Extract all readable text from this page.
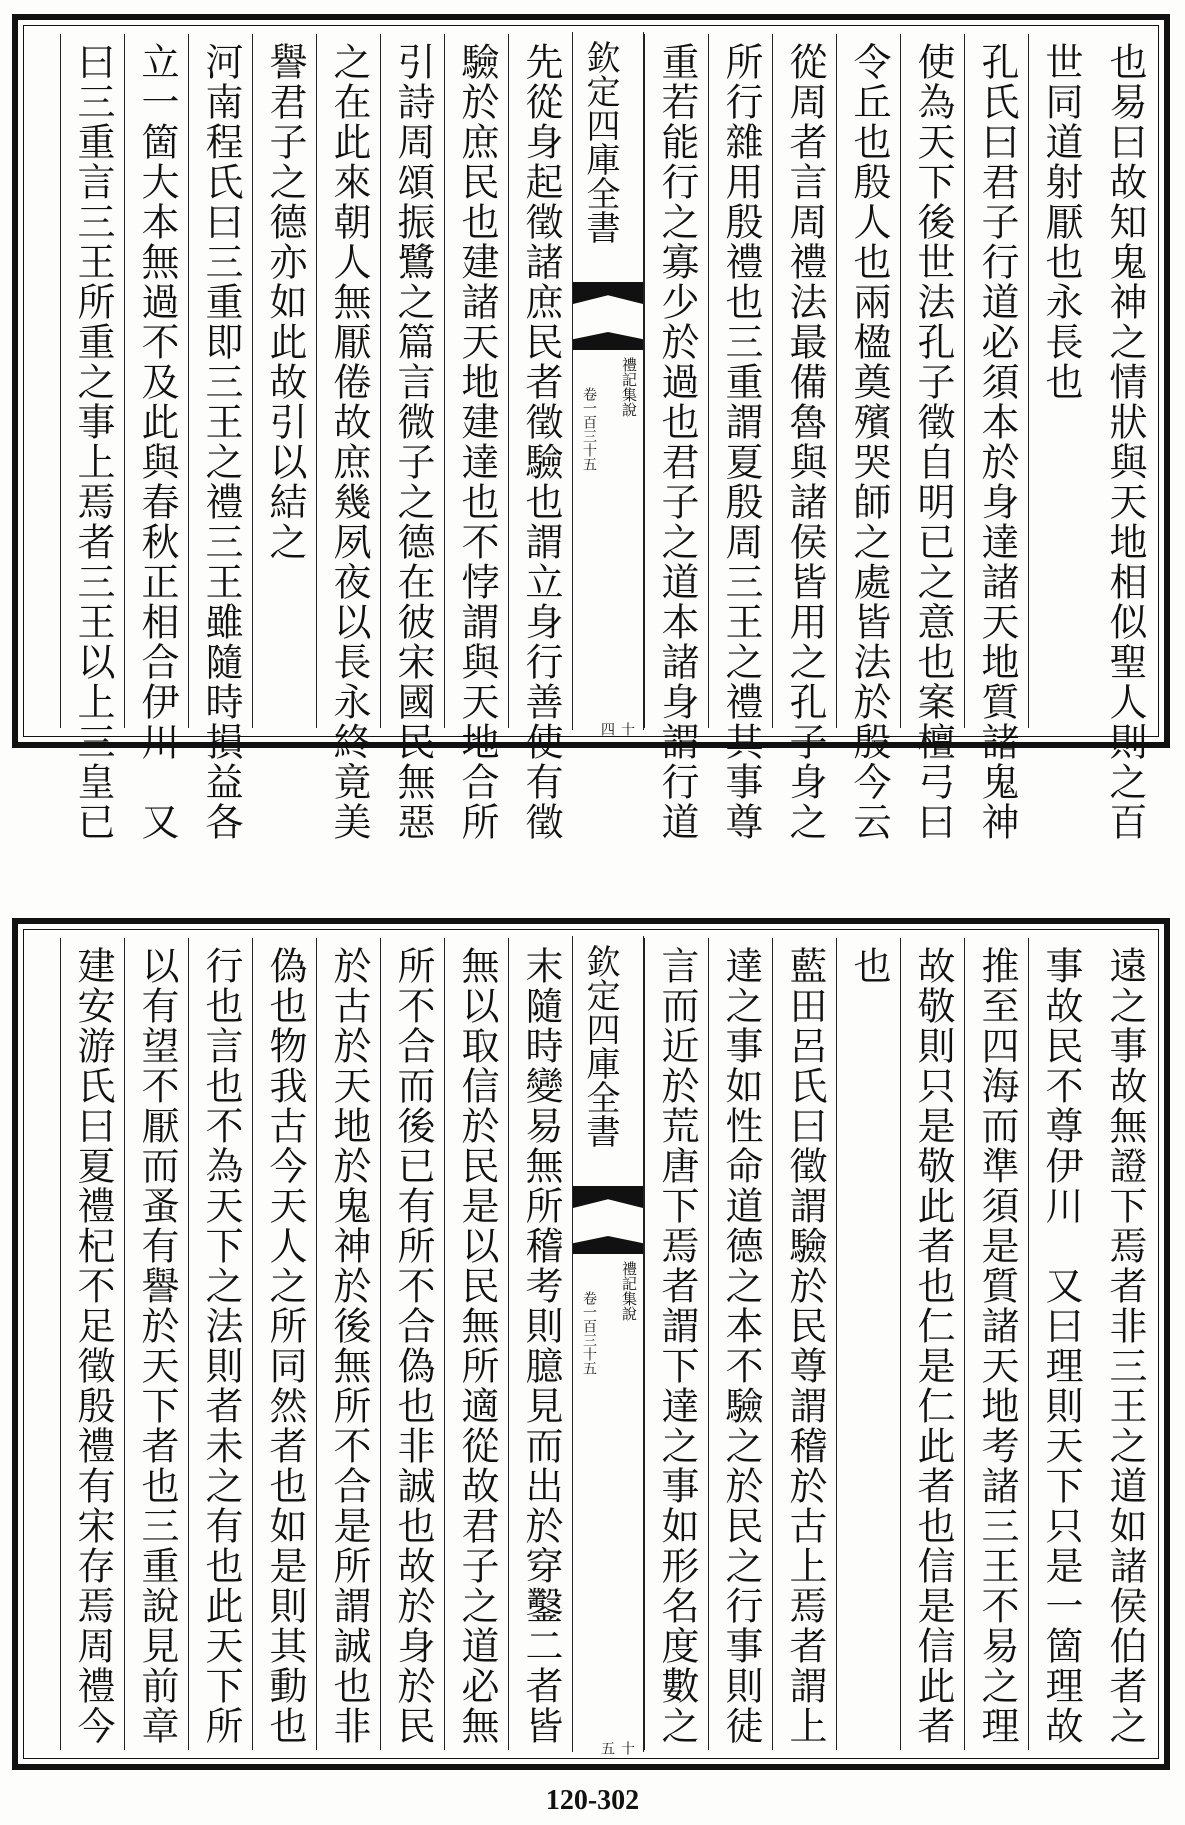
也易曰故知鬼神之情狀與天地相似聖人則之百
世同道射厭也永長也
孔氏曰君子行道必須本於身達諸天地質諸鬼神
使為天下後世法孔子徵自明已之意也案檀弓曰
令丘也殷人也兩楹奠殯哭師之處皆法於殷今云
從周者言周禮法最備魯與諸侯皆用之孔子身之
所行雜用殷禮也三重謂夏殷周三王之禮其事尊
重若能行之寡少於過也君子之道本諸身謂行道
欽定四庫全書
禮記集說
卷一百三十五
十四
先從身起徵諸庶民者徵驗也謂立身行善使有徵
驗於庶民也建諸天地建達也不悖謂與天地合所
引詩周頌振鷺之篇言微子之德在彼宋國民無惡
之在此來朝人無厭倦故庶幾夙夜以長永終竟美
譽君子之德亦如此故引以結之
河南程氏曰三重即三王之禮三王雖隨時損益各
立一箇大本無過不及此與春秋正相合伊川　又
曰三重言三王所重之事上焉者三王以上三皇已
遠之事故無證下焉者非三王之道如諸侯伯者之
事故民不尊伊川　又曰理則天下只是一箇理故
推至四海而準須是質諸天地考諸三王不易之理
故敬則只是敬此者也仁是仁此者也信是信此者
也
藍田呂氏曰徵謂驗於民尊謂稽於古上焉者謂上
達之事如性命道德之本不驗之於民之行事則徒
言而近於荒唐下焉者謂下達之事如形名度數之
欽定四庫全書
禮記集說
卷一百三十五
十五
末隨時變易無所稽考則臆見而出於穿鑿二者皆
無以取信於民是以民無所適從故君子之道必無
所不合而後已有所不合偽也非誠也故於身於民
於古於天地於鬼神於後無所不合是所謂誠也非
偽也物我古今天人之所同然者也如是則其動也
行也言也不為天下之法則者未之有也此天下所
以有望不厭而蚤有譽於天下者也三重說見前章
建安游氏曰夏禮杞不足徵殷禮有宋存焉周禮今
120-302
